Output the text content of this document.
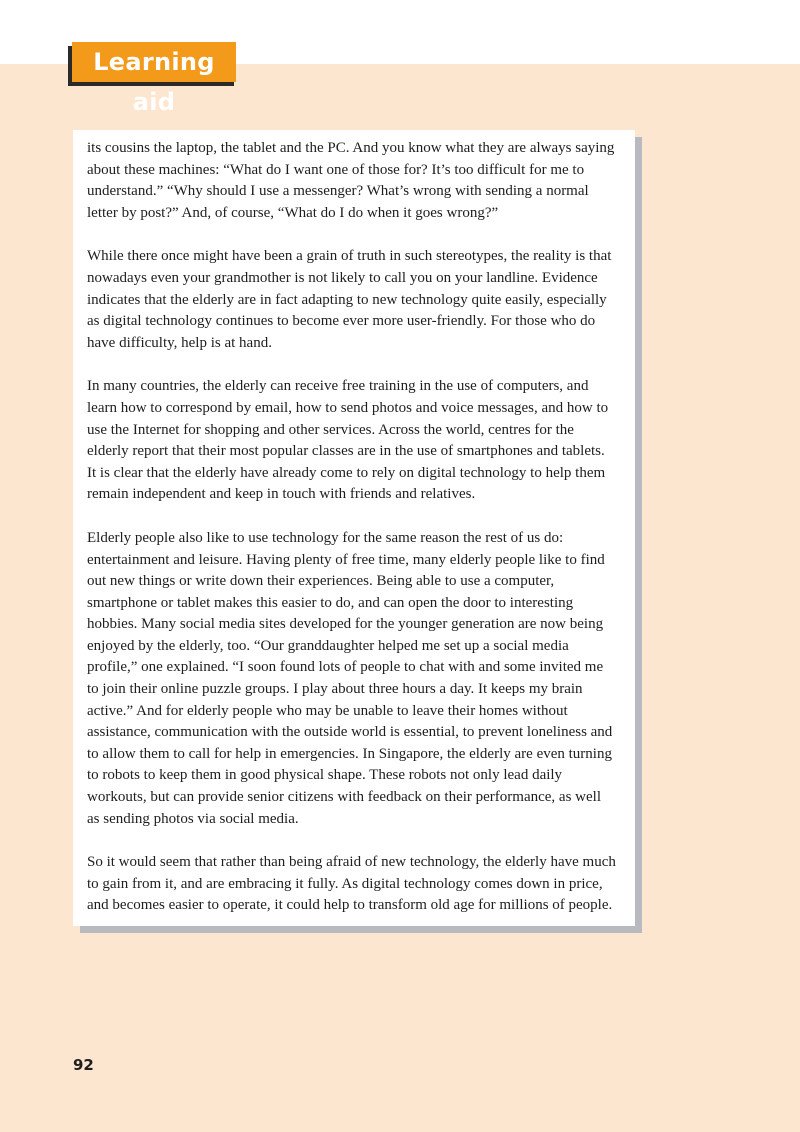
Learning aid

its cousins the laptop, the tablet and the PC. And you know what they are always saying about these machines: “What do I want one of those for? It’s too difficult for me to understand.” “Why should I use a messenger? What’s wrong with sending a normal letter by post?” And, of course, “What do I do when it goes wrong?”

While there once might have been a grain of truth in such stereotypes, the reality is that nowadays even your grandmother is not likely to call you on your landline. Evidence indicates that the elderly are in fact adapting to new technology quite easily, especially as digital technology continues to become ever more user-friendly. For those who do have difficulty, help is at hand.

In many countries, the elderly can receive free training in the use of computers, and learn how to correspond by email, how to send photos and voice messages, and how to use the Internet for shopping and other services. Across the world, centres for the elderly report that their most popular classes are in the use of smartphones and tablets. It is clear that the elderly have already come to rely on digital technology to help them remain independent and keep in touch with friends and relatives.

Elderly people also like to use technology for the same reason the rest of us do: entertainment and leisure. Having plenty of free time, many elderly people like to find out new things or write down their experiences. Being able to use a computer, smartphone or tablet makes this easier to do, and can open the door to interesting hobbies. Many social media sites developed for the younger generation are now being enjoyed by the elderly, too. “Our granddaughter helped me set up a social media profile,” one explained. “I soon found lots of people to chat with and some invited me to join their online puzzle groups. I play about three hours a day. It keeps my brain active.” And for elderly people who may be unable to leave their homes without assistance, communication with the outside world is essential, to prevent loneliness and to allow them to call for help in emergencies. In Singapore, the elderly are even turning to robots to keep them in good physical shape. These robots not only lead daily workouts, but can provide senior citizens with feedback on their performance, as well as sending photos via social media.

So it would seem that rather than being afraid of new technology, the elderly have much to gain from it, and are embracing it fully. As digital technology comes down in price, and becomes easier to operate, it could help to transform old age for millions of people.

92
